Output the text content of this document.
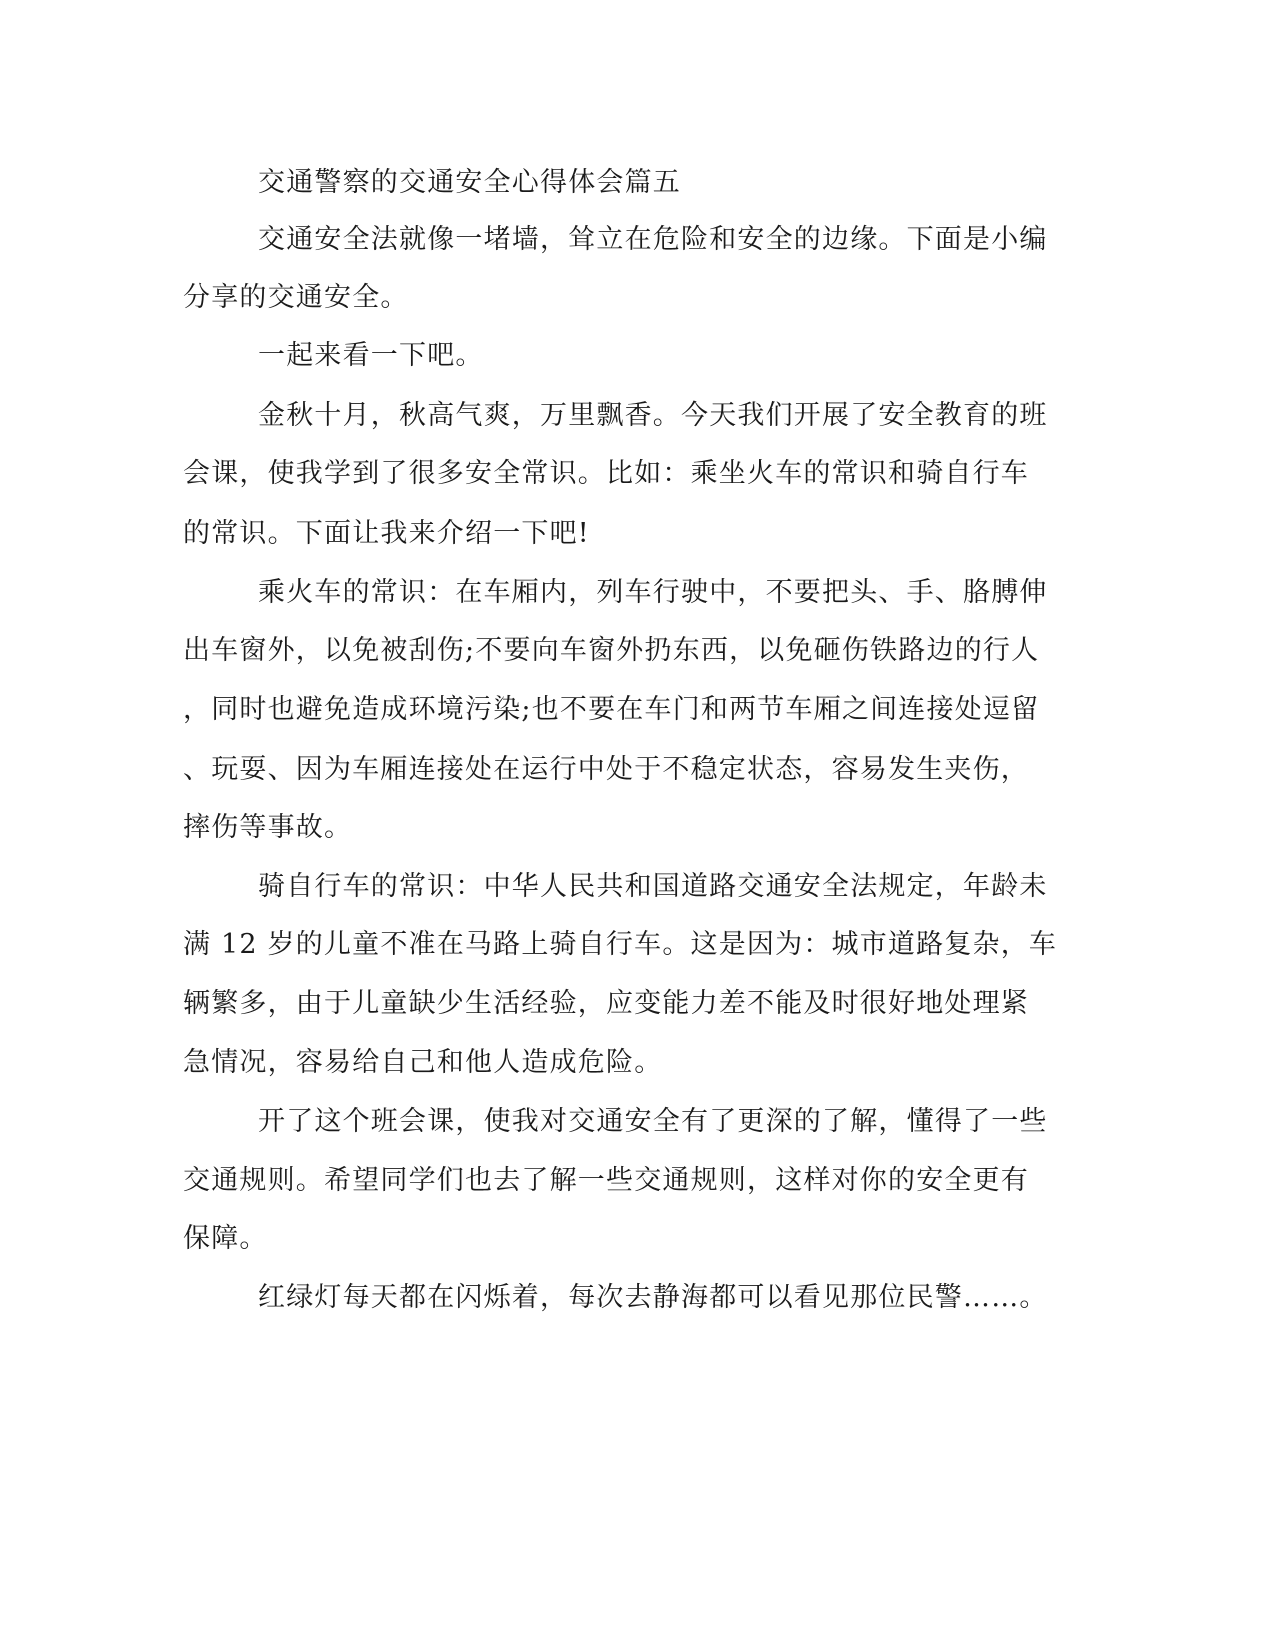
交通警察的交通安全心得体会篇五
交通安全法就像一堵墙，耸立在危险和安全的边缘。下面是小编
分享的交通安全。
一起来看一下吧。
金秋十月，秋高气爽，万里飘香。今天我们开展了安全教育的班
会课，使我学到了很多安全常识。比如：乘坐火车的常识和骑自行车
的常识。下面让我来介绍一下吧!
乘火车的常识：在车厢内，列车行驶中，不要把头、手、胳膊伸
出车窗外，以免被刮伤;不要向车窗外扔东西，以免砸伤铁路边的行人
，同时也避免造成环境污染;也不要在车门和两节车厢之间连接处逗留
、玩耍、因为车厢连接处在运行中处于不稳定状态，容易发生夹伤，
摔伤等事故。
骑自行车的常识：中华人民共和国道路交通安全法规定，年龄未
满 12 岁的儿童不准在马路上骑自行车。这是因为：城市道路复杂，车
辆繁多，由于儿童缺少生活经验，应变能力差不能及时很好地处理紧
急情况，容易给自己和他人造成危险。
开了这个班会课，使我对交通安全有了更深的了解，懂得了一些
交通规则。希望同学们也去了解一些交通规则，这样对你的安全更有
保障。
红绿灯每天都在闪烁着，每次去静海都可以看见那位民警……。
